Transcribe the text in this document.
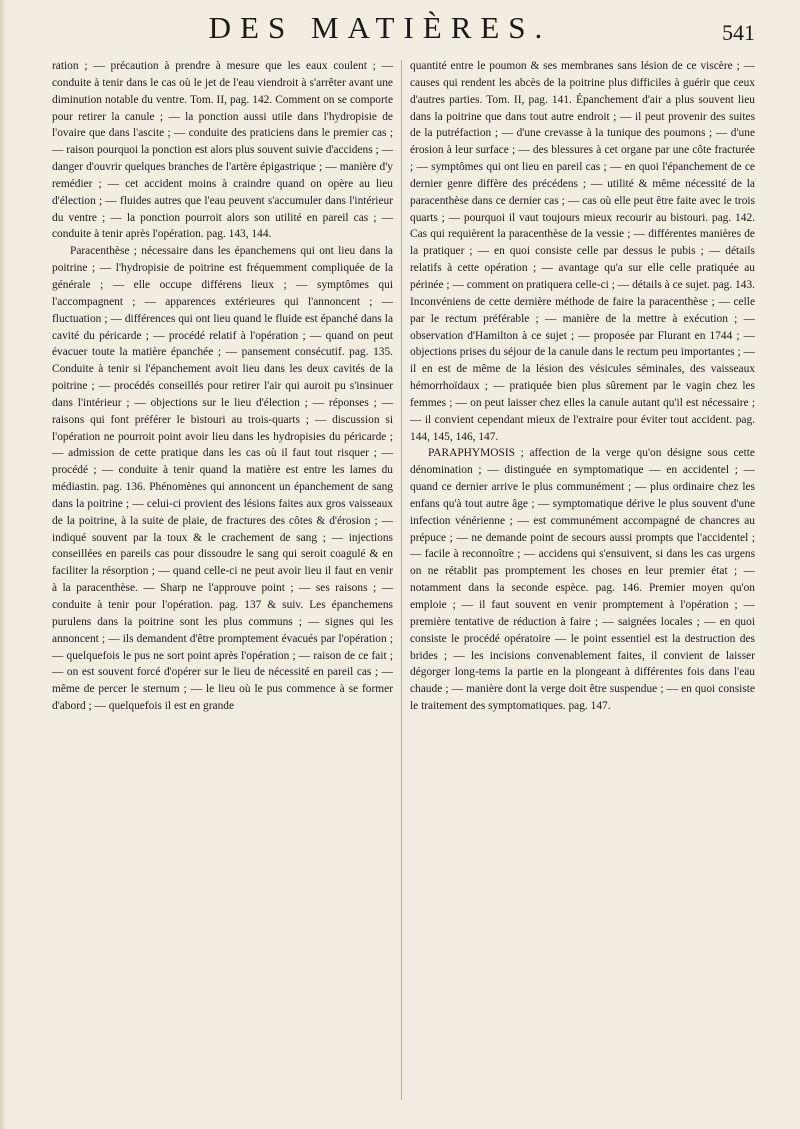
DES MATIÈRES.	541

ration ; — précaution à prendre à mesure que les eaux coulent ; — conduite à tenir dans le cas où le jet de l'eau viendroit à s'arrêter avant une diminution notable du ventre. Tom. II, pag. 142. Comment on se comporte pour retirer la canule ; — la ponction aussi utile dans l'hydropisie de l'ovaire que dans l'ascite ; — conduite des praticiens dans le premier cas ; — raison pourquoi la ponction est alors plus souvent suivie d'accidens ; — danger d'ouvrir quelques branches de l'artère épigastrique ; — manière d'y remédier ; — cet accident moins à craindre quand on opère au lieu d'élection ; — fluides autres que l'eau peuvent s'accumuler dans l'intérieur du ventre ; — la ponction pourroit alors son utilité en pareil cas ; — conduite à tenir après l'opération. pag. 143, 144.

Paracenthèse ; nécessaire dans les épanchemens qui ont lieu dans la poitrine ; — l'hydropisie de poitrine est fréquemment compliquée de la générale ; — elle occupe différens lieux ; — symptômes qui l'accompagnent ; — apparences extérieures qui l'annoncent ; — fluctuation ; — différences qui ont lieu quand le fluide est épanché dans la cavité du péricarde ; — procédé relatif à l'opération ; — quand on peut évacuer toute la matière épanchée ; — pansement consécutif. pag. 135. Conduite à tenir si l'épanchement avoit lieu dans les deux cavités de la poitrine ; — procédés conseillés pour retirer l'air qui auroit pu s'insinuer dans l'intérieur ; — objections sur le lieu d'élection ; — réponses ; — raisons qui font préférer le bistouri au trois-quarts ; — discussion si l'opération ne pourroit point avoir lieu dans les hydropisies du péricarde ; — admission de cette pratique dans les cas où il faut tout risquer ; — procédé ; — conduite à tenir quand la matière est entre les lames du médiastin. pag. 136. Phénomènes qui annoncent un épanchement de sang dans la poitrine ; — celui-ci provient des lésions faites aux gros vaisseaux de la poitrine, à la suite de plaie, de fractures des côtes & d'érosion ; — indiqué souvent par la toux & le crachement de sang ; — injections conseillées en pareils cas pour dissoudre le sang qui seroit coagulé & en faciliter la résorption ; — quand celle-ci ne peut avoir lieu il faut en venir à la paracenthèse. — Sharp ne l'approuve point ; — ses raisons ; — conduite à tenir pour l'opération. pag. 137 & suiv. Les épanchemens purulens dans la poitrine sont les plus communs ; — signes qui les annoncent ; — ils demandent d'être promptement évacués par l'opération ; — quelquefois le pus ne sort point après l'opération ; — raison de ce fait ; — on est souvent forcé d'opérer sur le lieu de nécessité en pareil cas ; — même de percer le sternum ; — le lieu où le pus commence à se former d'abord ; — quelquefois il est en grande

quantité entre le poumon & ses membranes sans lésion de ce viscère ; — causes qui rendent les abcès de la poitrine plus difficiles à guérir que ceux d'autres parties. Tom. II, pag. 141. Épanchement d'air a plus souvent lieu dans la poitrine que dans tout autre endroit ; — il peut provenir des suites de la putréfaction ; — d'une crevasse à la tunique des poumons ; — d'une érosion à leur surface ; — des blessures à cet organe par une côte fracturée ; — symptômes qui ont lieu en pareil cas ; — en quoi l'épanchement de ce dernier genre diffère des précédens ; — utilité & même nécessité de la paracenthèse dans ce dernier cas ; — cas où elle peut être faite avec le trois quarts ; — pourquoi il vaut toujours mieux recourir au bistouri. pag. 142. Cas qui requièrent la paracenthèse de la vessie ; — différentes manières de la pratiquer ; — en quoi consiste celle par dessus le pubis ; — détails relatifs à cette opération ; — avantage qu'a sur elle celle pratiquée au périnée ; — comment on pratiquera celle-ci ; — détails à ce sujet. pag. 143. Inconvéniens de cette dernière méthode de faire la paracenthèse ; — celle par le rectum préférable ; — manière de la mettre à exécution ; — observation d'Hamilton à ce sujet ; — proposée par Flurant en 1744 ; — objections prises du séjour de la canule dans le rectum peu importantes ; — il en est de même de la lésion des vésicules séminales, des vaisseaux hémorrhoïdaux ; — pratiquée bien plus sûrement par le vagin chez les femmes ; — on peut laisser chez elles la canule autant qu'il est nécessaire ; — il convient cependant mieux de l'extraire pour éviter tout accident. pag. 144, 145, 146, 147.

PARAPHYMOSIS ; affection de la verge qu'on désigne sous cette dénomination ; — distinguée en symptomatique — en accidentel ; — quand ce dernier arrive le plus communément ; — plus ordinaire chez les enfans qu'à tout autre âge ; — symptomatique dérive le plus souvent d'une infection vénérienne ; — est communément accompagné de chancres au prépuce ; — ne demande point de secours aussi prompts que l'accidentel ; — facile à reconnoître ; — accidens qui s'ensuivent, si dans les cas urgens on ne rétablit pas promptement les choses en leur premier état ; — notamment dans la seconde espèce. pag. 146. Premier moyen qu'on emploie ; — il faut souvent en venir promptement à l'opération ; — première tentative de réduction à faire ; — saignées locales ; — en quoi consiste le procédé opératoire — le point essentiel est la destruction des brides ; — les incisions convenablement faites, il convient de laisser dégorger long-tems la partie en la plongeant à différentes fois dans l'eau chaude ; — manière dont la verge doit être suspendue ; — en quoi consiste le traitement des symptomatiques. pag. 147.
